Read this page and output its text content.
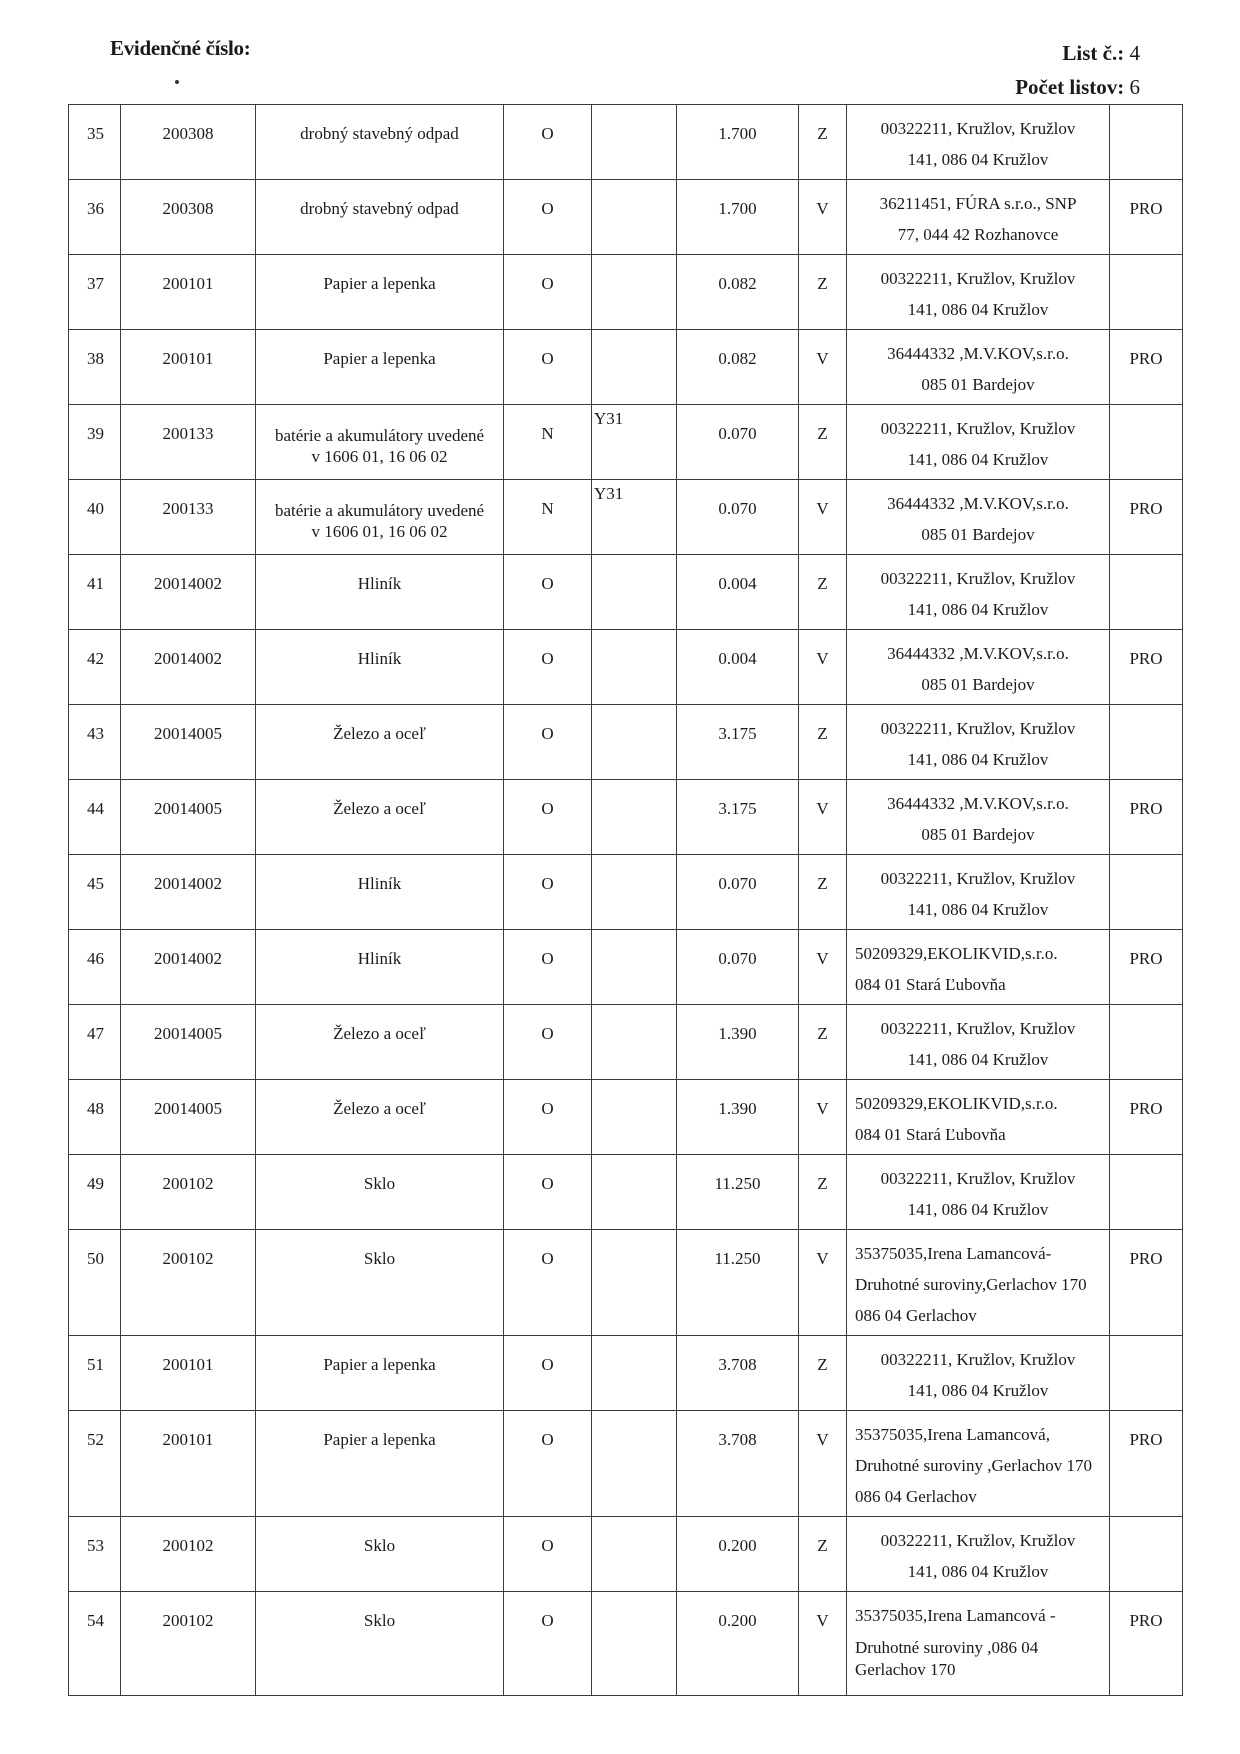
Evidenčné číslo:	List č.: 4
Počet listov: 6
35	200308	drobný stavebný odpad	O		1.700	Z	00322211, Kružlov, Kružlov
141, 086 04 Kružlov	

36	200308	drobný stavebný odpad	O		1.700	V	36211451, FÚRA s.r.o., SNP
77, 044 42 Rozhanovce	PRO
37	200101	Papier a lepenka	O		0.082	Z	00322211, Kružlov, Kružlov
141, 086 04 Kružlov	

38	200101	Papier a lepenka	O		0.082	V	36444332 ,M.V.KOV,s.r.o.
085 01 Bardejov	PRO
39	200133	batérie a akumulátory uvedené
v 1606 01, 16 06 02	N	Y31	0.070	Z	00322211, Kružlov, Kružlov
141, 086 04 Kružlov	

40	200133	batérie a akumulátory uvedené
v 1606 01, 16 06 02	N	Y31	0.070	V	36444332 ,M.V.KOV,s.r.o.
085 01 Bardejov	PRO
41	20014002	Hliník	O		0.004	Z	00322211, Kružlov, Kružlov
141, 086 04 Kružlov	

42	20014002	Hliník	O		0.004	V	36444332 ,M.V.KOV,s.r.o.
085 01 Bardejov	PRO
43	20014005	Železo a oceľ	O		3.175	Z	00322211, Kružlov, Kružlov
141, 086 04 Kružlov	

44	20014005	Železo a oceľ	O		3.175	V	36444332 ,M.V.KOV,s.r.o.
085 01 Bardejov	PRO
45	20014002	Hliník	O		0.070	Z	00322211, Kružlov, Kružlov
141, 086 04 Kružlov	

46	20014002	Hliník	O		0.070	V	50209329,EKOLIKVID,s.r.o.
084 01 Stará Ľubovňa	PRO
47	20014005	Železo a oceľ	O		1.390	Z	00322211, Kružlov, Kružlov
141, 086 04 Kružlov	

48	20014005	Železo a oceľ	O		1.390	V	50209329,EKOLIKVID,s.r.o.
084 01 Stará Ľubovňa	PRO
49	200102	Sklo	O		11.250	Z	00322211, Kružlov, Kružlov
141, 086 04 Kružlov	

50	200102	Sklo	O		11.250	V	35375035,Irena Lamancová-
Druhotné suroviny,Gerlachov 170
086 04 Gerlachov	PRO
51	200101	Papier a lepenka	O		3.708	Z	00322211, Kružlov, Kružlov
141, 086 04 Kružlov	

52	200101	Papier a lepenka	O		3.708	V	35375035,Irena Lamancová,
Druhotné suroviny ,Gerlachov 170
086 04 Gerlachov	PRO
53	200102	Sklo	O		0.200	Z	00322211, Kružlov, Kružlov
141, 086 04 Kružlov	

54	200102	Sklo	O		0.200	V	35375035,Irena Lamancová -
Druhotné suroviny ,086 04
Gerlachov 170	PRO
